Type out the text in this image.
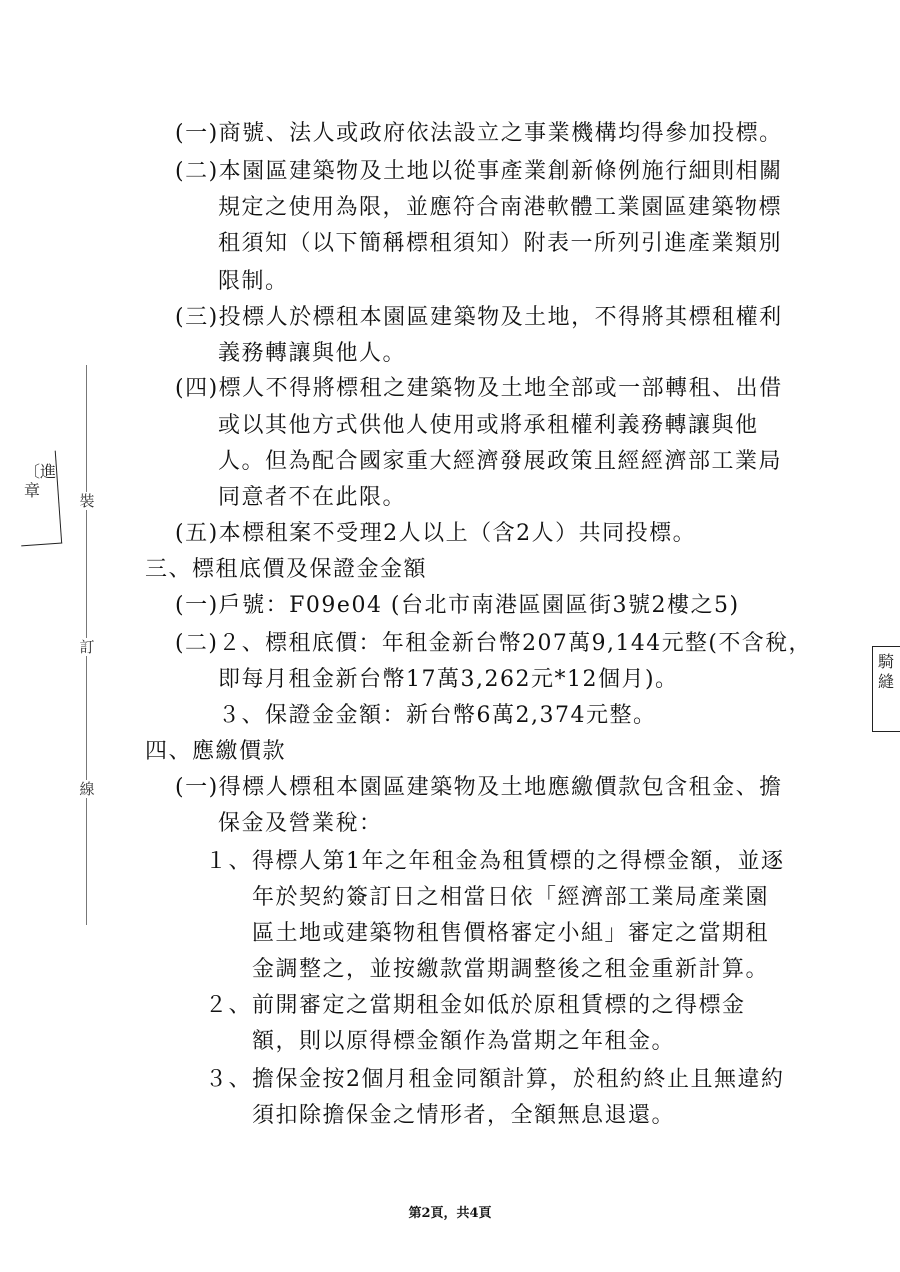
裝
訂
線
〔進章
騎縫
(一)商號、法人或政府依法設立之事業機構均得參加投標。
(二)本園區建築物及土地以從事產業創新條例施行細則相關
規定之使用為限，並應符合南港軟體工業園區建築物標
租須知（以下簡稱標租須知）附表一所列引進產業類別
限制。
(三)投標人於標租本園區建築物及土地，不得將其標租權利
義務轉讓與他人。
(四)標人不得將標租之建築物及土地全部或一部轉租、出借
或以其他方式供他人使用或將承租權利義務轉讓與他
人。但為配合國家重大經濟發展政策且經經濟部工業局
同意者不在此限。
(五)本標租案不受理2人以上（含2人）共同投標。
三、標租底價及保證金金額
(一)戶號：F09e04 (台北市南港區園區街3號2樓之5)
(二)２、標租底價：年租金新台幣207萬9,144元整(不含稅，
即每月租金新台幣17萬3,262元*12個月)。
３、保證金金額：新台幣6萬2,374元整。
四、應繳價款
(一)得標人標租本園區建築物及土地應繳價款包含租金、擔
保金及營業稅：
１、得標人第1年之年租金為租賃標的之得標金額，並逐
年於契約簽訂日之相當日依「經濟部工業局產業園
區土地或建築物租售價格審定小組」審定之當期租
金調整之，並按繳款當期調整後之租金重新計算。
２、前開審定之當期租金如低於原租賃標的之得標金
額，則以原得標金額作為當期之年租金。
３、擔保金按2個月租金同額計算，於租約終止且無違約
須扣除擔保金之情形者，全額無息退還。
第2頁，共4頁
